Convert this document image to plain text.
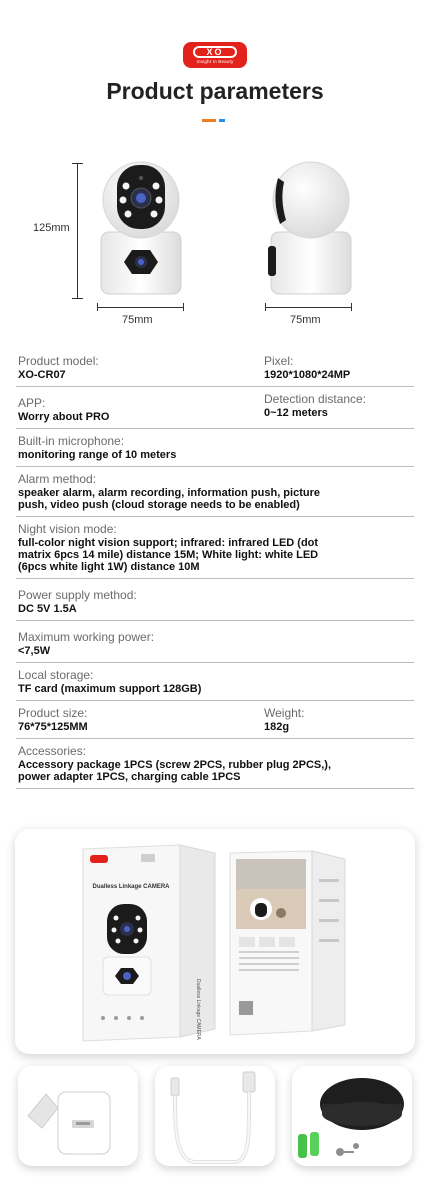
XO
Insight In Beauty
Product parameters
125mm
75mm	75mm
Product model:
XO-CR07
Pixel:
1920*1080*24MP
APP:
Worry about PRO
Detection distance:
0~12 meters
Built-in microphone:
monitoring range of 10 meters
Alarm method:
speaker alarm, alarm recording, information push, picture push, video push (cloud storage needs to be enabled)
Night vision mode:
full-color night vision support; infrared: infrared LED (dot matrix 6pcs 14 mile) distance 15M; White light: white LED (6pcs white light 1W) distance 10M
Power supply method:
DC 5V 1.5A
Maximum working power:
<7,5W
Local storage:
TF card (maximum support 128GB)
Product size:
76*75*125MM
Weight:
182g
Accessories:
Accessory package 1PCS (screw 2PCS, rubber plug 2PCS,), power adapter 1PCS, charging cable 1PCS
Dualless Linkage CAMERA
Dualless Linkage CAMERA
